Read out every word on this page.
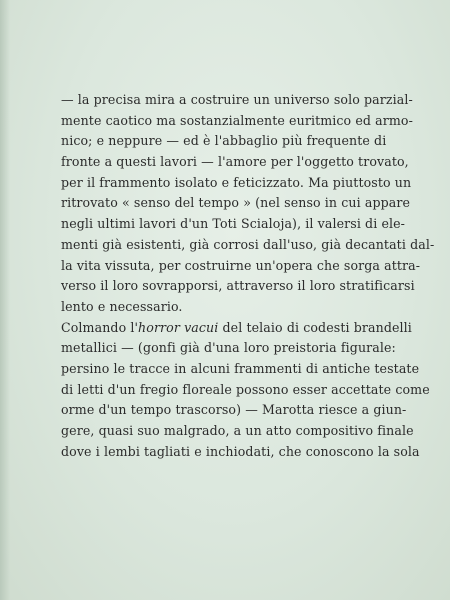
— la precisa mira a costruire un universo solo parzial-
mente caotico ma sostanzialmente euritmico ed armo-
nico; e neppure — ed è l'abbaglio più frequente di
fronte a questi lavori — l'amore per l'oggetto trovato,
per il frammento isolato e feticizzato. Ma piuttosto un
ritrovato « senso del tempo » (nel senso in cui appare
negli ultimi lavori d'un Toti Scialoja), il valersi di ele-
menti già esistenti, già corrosi dall'uso, già decantati dal-
la vita vissuta, per costruirne un'opera che sorga attra-
verso il loro sovrapporsi, attraverso il loro stratificarsi
lento e necessario.
Colmando l'horror vacui del telaio di codesti brandelli
metallici — (gonfi già d'una loro preistoria figurale:
persino le tracce in alcuni frammenti di antiche testate
di letti d'un fregio floreale possono esser accettate come
orme d'un tempo trascorso) — Marotta riesce a giun-
gere, quasi suo malgrado, a un atto compositivo finale
dove i lembi tagliati e inchiodati, che conoscono la sola
